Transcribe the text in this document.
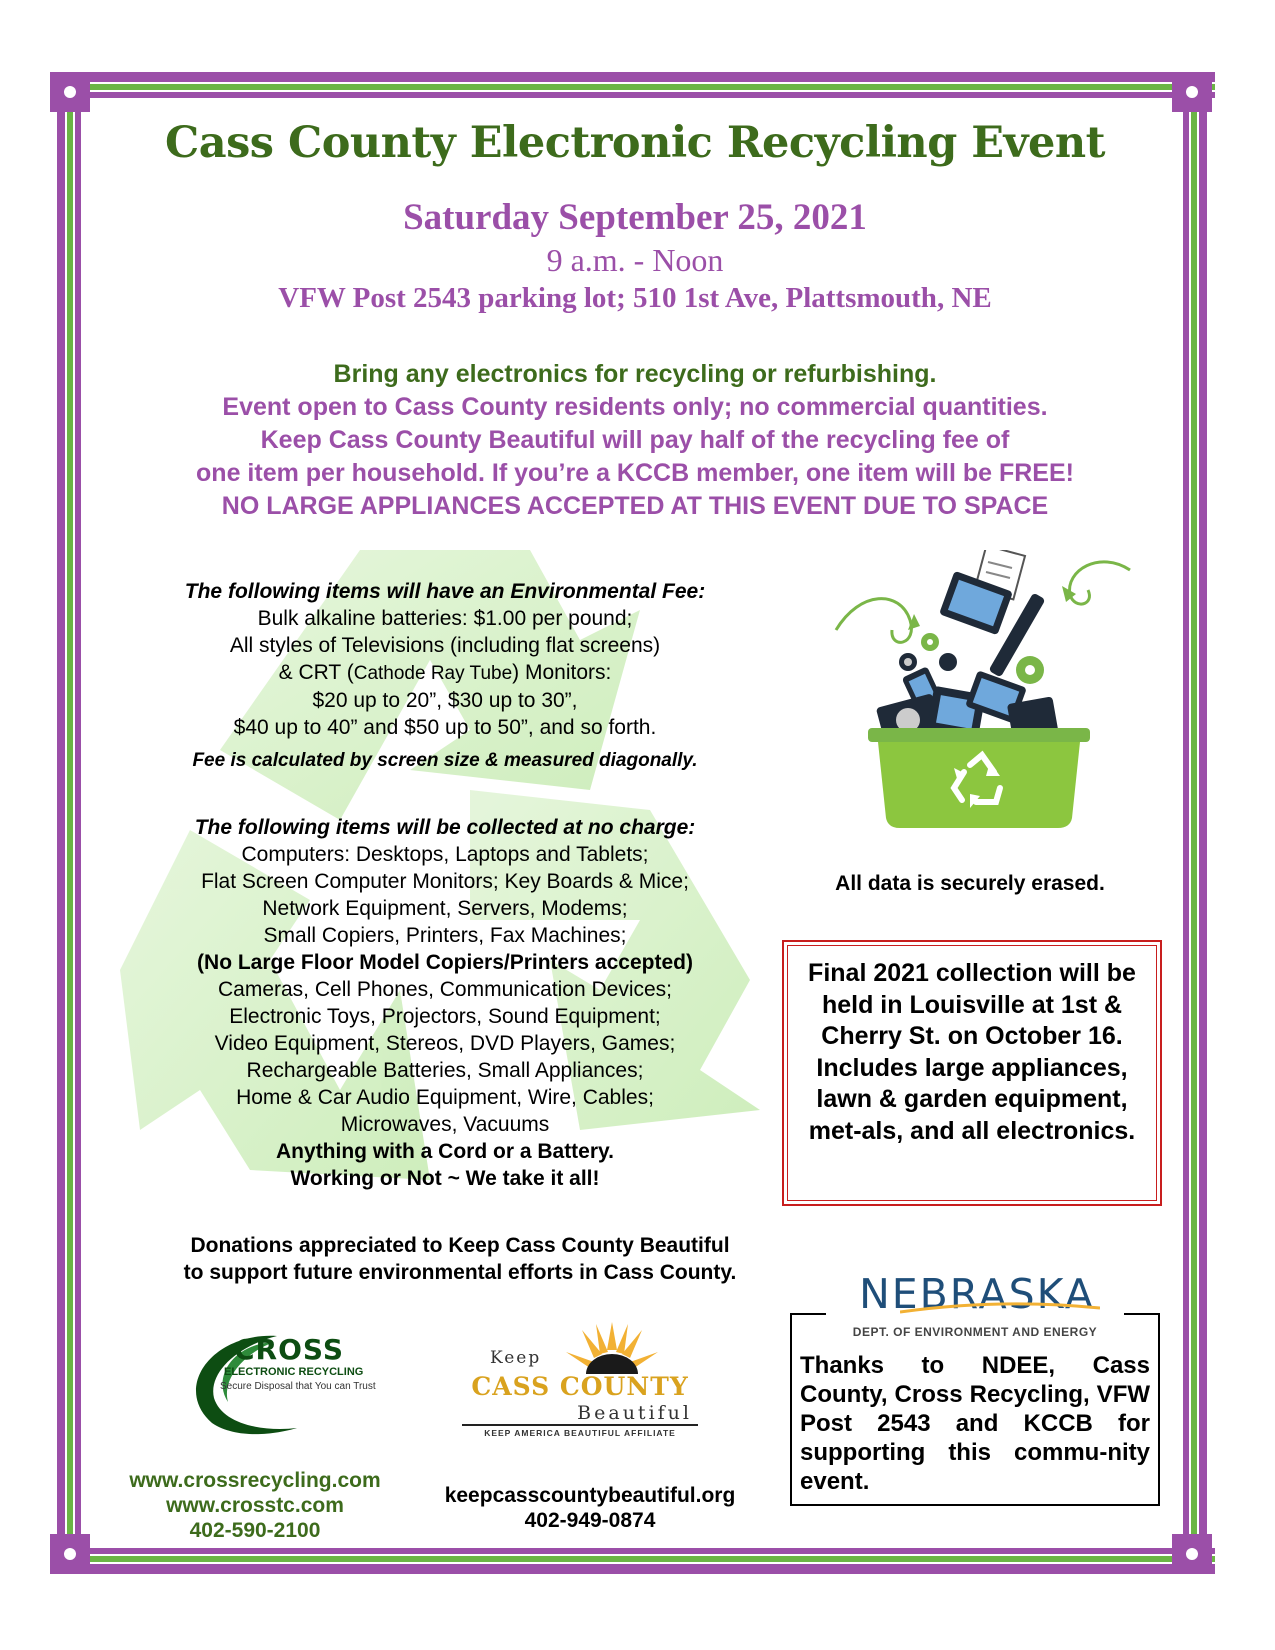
Cass County Electronic Recycling Event
Saturday September 25, 2021
9 a.m. - Noon
VFW Post 2543 parking lot; 510 1st Ave, Plattsmouth, NE
Bring any electronics for recycling or refurbishing.
Event open to Cass County residents only; no commercial quantities.
Keep Cass County Beautiful will pay half of the recycling fee of
one item per household. If you’re a KCCB member, one item will be FREE!
NO LARGE APPLIANCES ACCEPTED AT THIS EVENT DUE TO SPACE
The following items will have an Environmental Fee:
Bulk alkaline batteries: $1.00 per pound;
All styles of Televisions (including flat screens)
& CRT (Cathode Ray Tube) Monitors:
$20 up to 20”, $30 up to 30”,
$40 up to 40” and $50 up to 50”, and so forth.
Fee is calculated by screen size & measured diagonally.
The following items will be collected at no charge:
Computers: Desktops, Laptops and Tablets;
Flat Screen Computer Monitors; Key Boards & Mice;
Network Equipment, Servers, Modems;
Small Copiers, Printers, Fax Machines;
(No Large Floor Model Copiers/Printers accepted)
Cameras, Cell Phones, Communication Devices;
Electronic Toys, Projectors, Sound Equipment;
Video Equipment, Stereos, DVD Players, Games;
Rechargeable Batteries, Small Appliances;
Home & Car Audio Equipment, Wire, Cables;
Microwaves, Vacuums
Anything with a Cord or a Battery.
Working or Not ~ We take it all!
All data is securely erased.
Final 2021 collection will be held in Louisville at 1st & Cherry St. on October 16. Includes large appliances, lawn & garden equipment, met-als, and all electronics.
Donations appreciated to Keep Cass County Beautiful
to support future environmental efforts in Cass County.	NEBRASKA
DEPT. OF ENVIRONMENT AND ENERGY
Thanks to NDEE, Cass County, Cross Recycling, VFW Post 2543 and KCCB for supporting this commu-nity event.
CROSS
ELECTRONIC RECYCLING
Secure Disposal that You can Trust
Keep
CASS COUNTY
Beautiful
KEEP AMERICA BEAUTIFUL AFFILIATE
www.crossrecycling.com
www.crosstc.com
402-590-2100
keepcasscountybeautiful.org
402-949-0874
